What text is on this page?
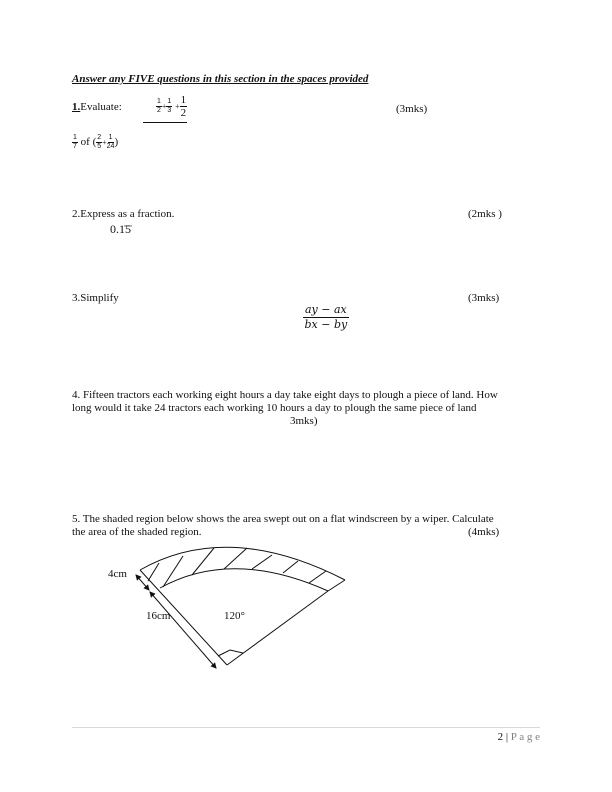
Answer any FIVE questions in this section in the spaces provided
1.Evaluate:	$\frac{1}{2} + \frac{1}{3} + \frac{1}{2}$	(3mks)
$\frac{1}{7}$ of ( $\frac{2}{5} + \frac{1}{24}$ )
2.Express as a fraction.	(2mks )
0.1̇5̇
3.Simplify	(3mks)
$\frac{ay - ax}{bx - by}$
4. Fifteen tractors each working eight hours a day take eight days to plough a piece of land. How
long would it take 24 tractors each working 10 hours a day to plough the same piece of land
3mks)
5. The shaded region below shows the area swept out on a flat windscreen by a wiper. Calculate
the area of the shaded region.	(4mks)
4cm
16cm	120°
2 | P a g e
